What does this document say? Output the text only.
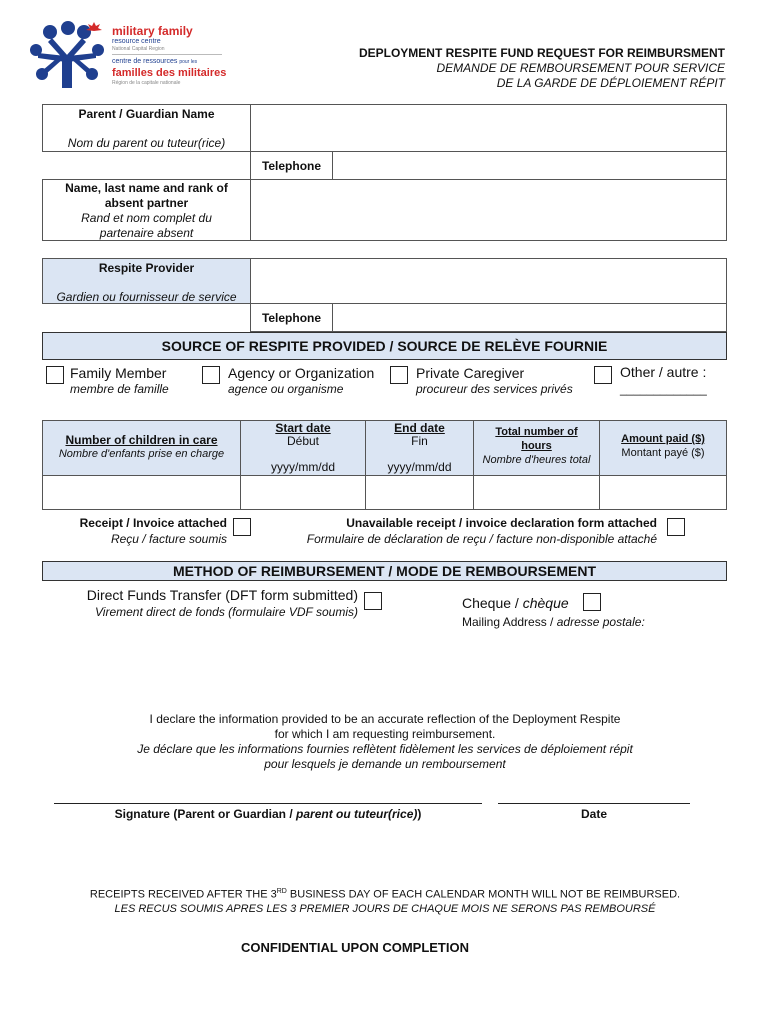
military family
resource centre
National Capital Region
centre de ressources pour les
familles des militaires
Région de la capitale nationale
DEPLOYMENT RESPITE FUND REQUEST FOR REIMBURSMENT
DEMANDE DE REMBOURSEMENT POUR SERVICE
DE LA GARDE DE DÉPLOIEMENT RÉPIT
Parent / Guardian Name
Nom du parent ou tuteur(rice)
Telephone
Name, last name and rank of
absent partner
Rand et nom complet du
partenaire absent
Respite Provider
Gardien ou fournisseur de service
Telephone
SOURCE OF RESPITE PROVIDED / SOURCE DE RELÈVE FOURNIE
Family Member
membre de famille
Agency or Organization
agence ou organisme
Private Caregiver
procureur des services privés
Other / autre :
_____________
Number of children in care
Nombre d'enfants prise en charge
Start date
Début
yyyy/mm/dd
End date
Fin
yyyy/mm/dd
Total number of
hours
Nombre d'heures total
Amount paid ($)
Montant payé ($)
Receipt / Invoice attached
Reçu / facture soumis
Unavailable receipt / invoice declaration form attached
Formulaire de déclaration de reçu / facture non-disponible attaché
METHOD OF REIMBURSEMENT / MODE DE REMBOURSEMENT
Direct Funds Transfer (DFT form submitted)
Virement direct de fonds (formulaire VDF soumis)
Cheque / chèque
Mailing Address / adresse postale:
I declare the information provided to be an accurate reflection of the Deployment Respite
for which I am requesting reimbursement.
Je déclare que les informations fournies reflètent fidèlement les services de déploiement répit
pour lesquels je demande un remboursement
Signature (Parent or Guardian / parent ou tuteur(rice))	Date
RECEIPTS RECEIVED AFTER THE 3RD BUSINESS DAY OF EACH CALENDAR MONTH WILL NOT BE REIMBURSED.
LES RECUS SOUMIS APRES LES 3 PREMIER JOURS DE CHAQUE MOIS NE SERONS PAS REMBOURSÉ
CONFIDENTIAL UPON COMPLETION
